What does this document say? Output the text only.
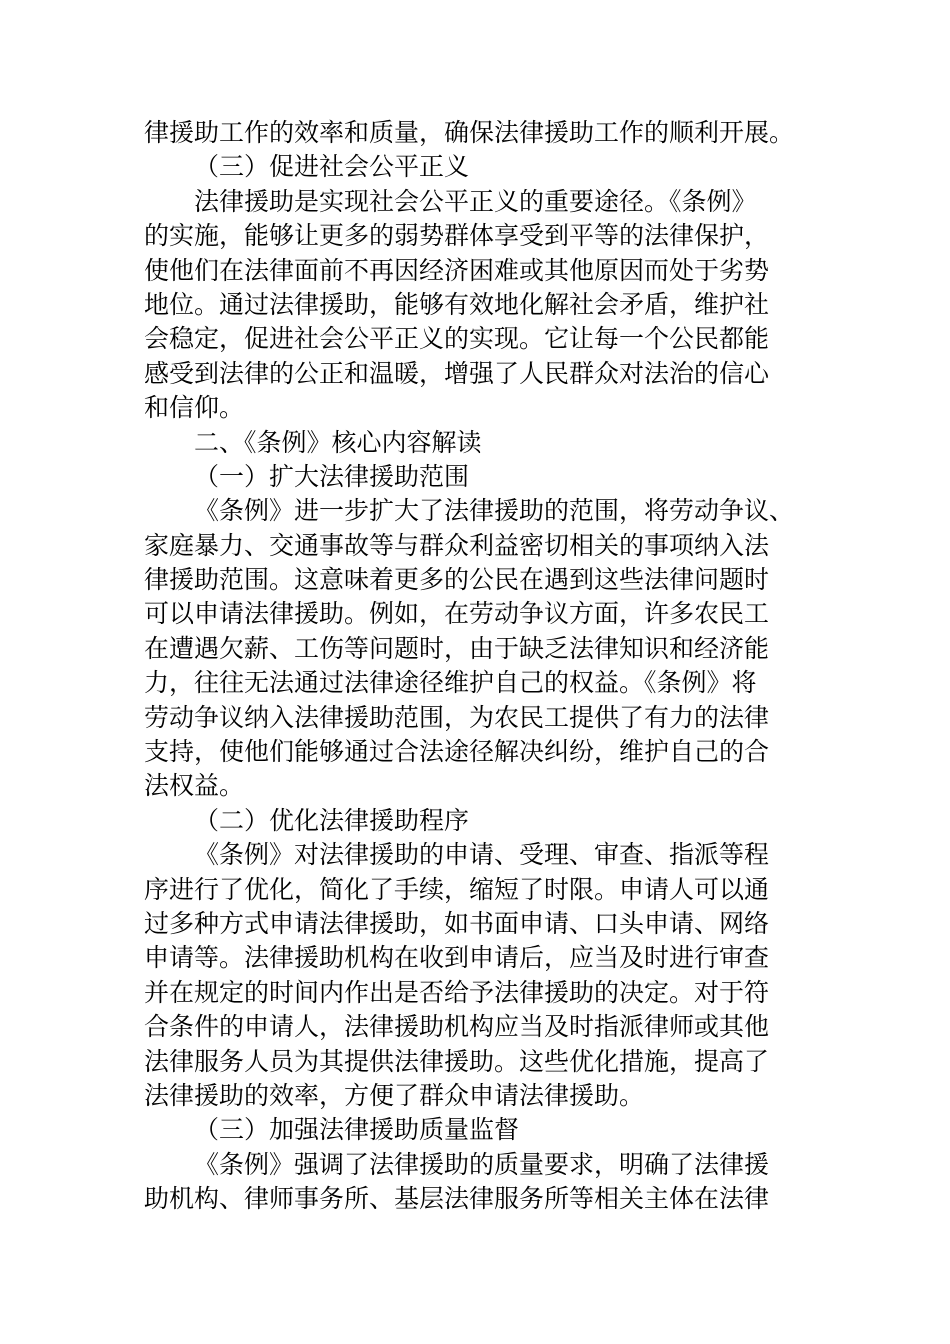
律援助工作的效率和质量，确保法律援助工作的顺利开展。
（三）促进社会公平正义
法律援助是实现社会公平正义的重要途径。《条例》
的实施，能够让更多的弱势群体享受到平等的法律保护，
使他们在法律面前不再因经济困难或其他原因而处于劣势
地位。通过法律援助，能够有效地化解社会矛盾，维护社
会稳定，促进社会公平正义的实现。它让每一个公民都能
感受到法律的公正和温暖，增强了人民群众对法治的信心
和信仰。
二、《条例》核心内容解读
（一）扩大法律援助范围
《条例》进一步扩大了法律援助的范围，将劳动争议、
家庭暴力、交通事故等与群众利益密切相关的事项纳入法
律援助范围。这意味着更多的公民在遇到这些法律问题时
可以申请法律援助。例如，在劳动争议方面，许多农民工
在遭遇欠薪、工伤等问题时，由于缺乏法律知识和经济能
力，往往无法通过法律途径维护自己的权益。《条例》将
劳动争议纳入法律援助范围，为农民工提供了有力的法律
支持，使他们能够通过合法途径解决纠纷，维护自己的合
法权益。
（二）优化法律援助程序
《条例》对法律援助的申请、受理、审查、指派等程
序进行了优化，简化了手续，缩短了时限。申请人可以通
过多种方式申请法律援助，如书面申请、口头申请、网络
申请等。法律援助机构在收到申请后，应当及时进行审查
并在规定的时间内作出是否给予法律援助的决定。对于符
合条件的申请人，法律援助机构应当及时指派律师或其他
法律服务人员为其提供法律援助。这些优化措施，提高了
法律援助的效率，方便了群众申请法律援助。
（三）加强法律援助质量监督
《条例》强调了法律援助的质量要求，明确了法律援
助机构、律师事务所、基层法律服务所等相关主体在法律
